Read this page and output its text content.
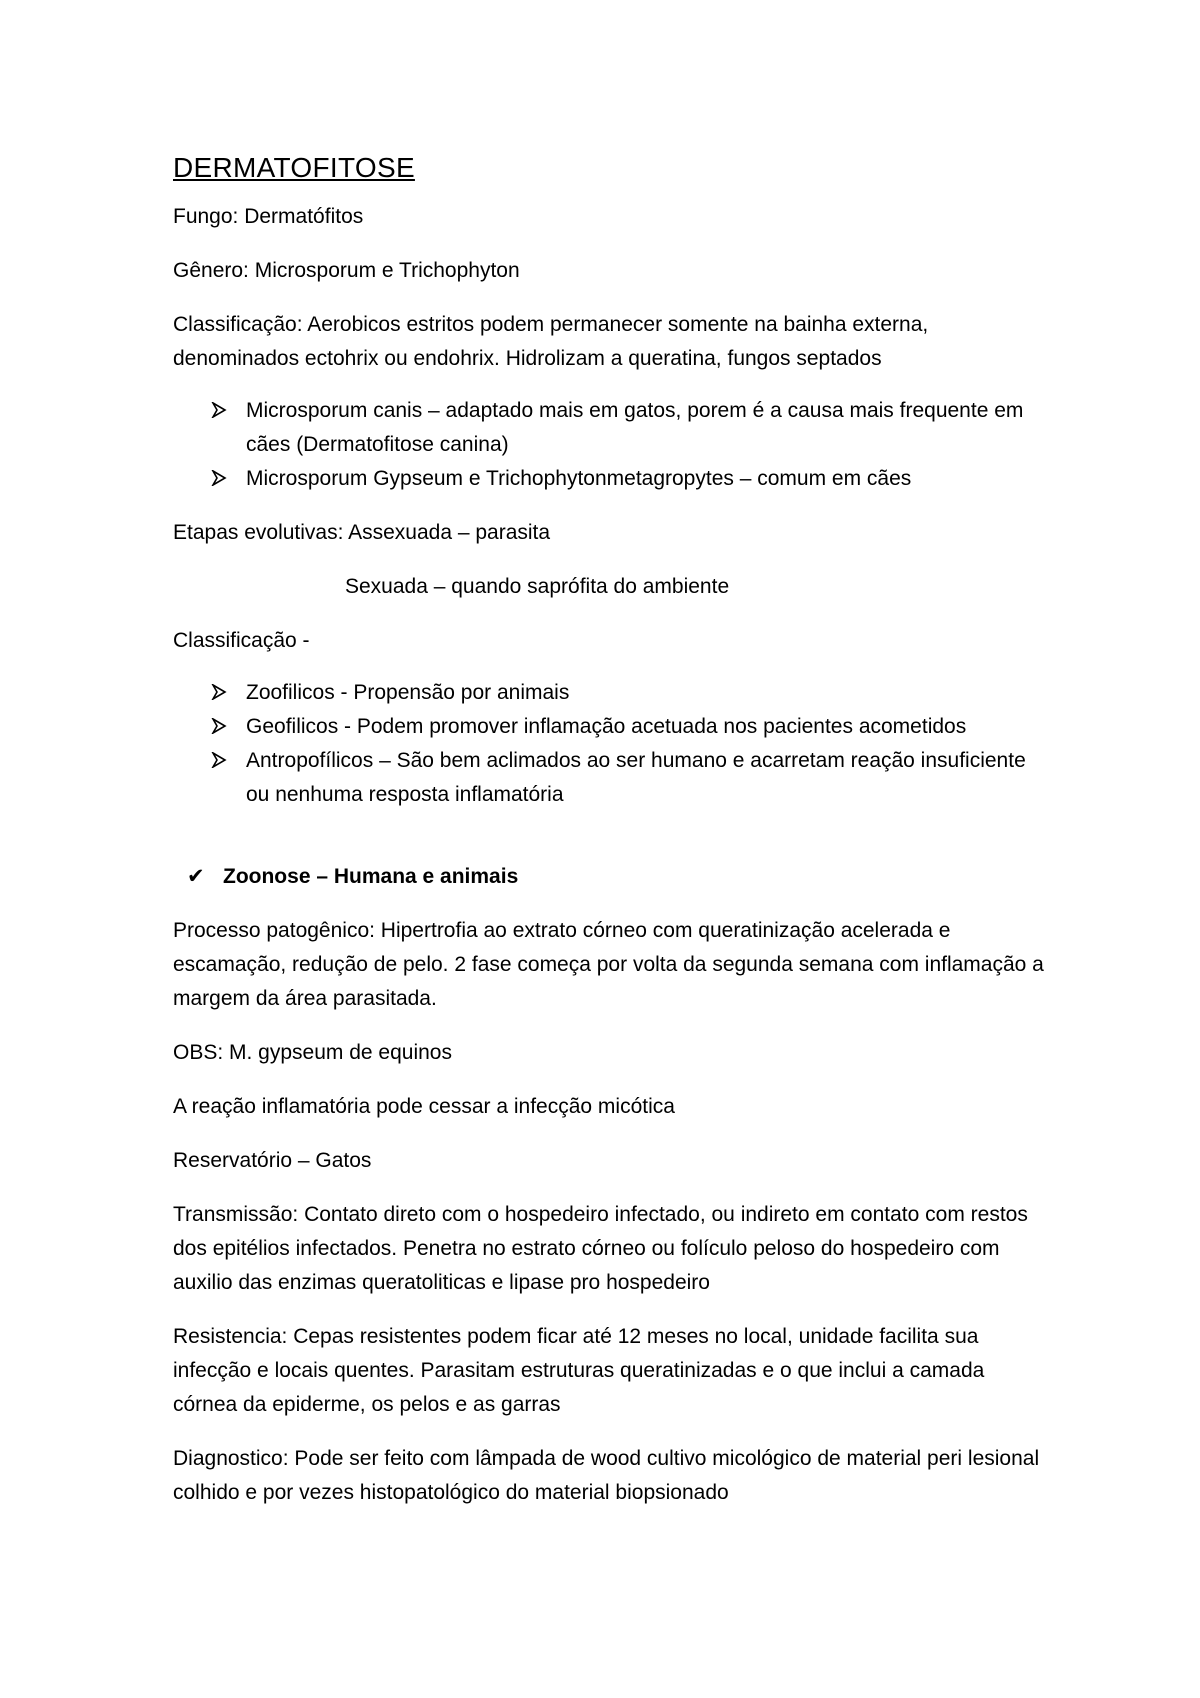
DERMATOFITOSE

Fungo: Dermatófitos

Gênero: Microsporum e Trichophyton

Classificação: Aerobicos estritos podem permanecer somente na bainha externa, denominados ectohrix ou endohrix. Hidrolizam a queratina, fungos septados

Microsporum canis – adaptado mais em gatos, porem é a causa mais frequente em cães (Dermatofitose canina)
Microsporum Gypseum e Trichophytonmetagropytes – comum em cães

Etapas evolutivas: Assexuada – parasita

Sexuada – quando saprófita do ambiente

Classificação -

Zoofilicos - Propensão por animais
Geofilicos - Podem promover inflamação acetuada nos pacientes acometidos
Antropofílicos – São bem aclimados ao ser humano e acarretam reação insuficiente ou nenhuma resposta inflamatória
✔ Zoonose – Humana e animais

Processo patogênico: Hipertrofia ao extrato córneo com queratinização acelerada e escamação, redução de pelo. 2 fase começa por volta da segunda semana com inflamação a margem da área parasitada.

OBS: M. gypseum de equinos

A reação inflamatória pode cessar a infecção micótica

Reservatório – Gatos

Transmissão: Contato direto com o hospedeiro infectado, ou indireto em contato com restos dos epitélios infectados. Penetra no estrato córneo ou folículo peloso do hospedeiro com auxilio das enzimas queratoliticas e lipase pro hospedeiro

Resistencia: Cepas resistentes podem ficar até 12 meses no local, unidade facilita sua infecção e locais quentes. Parasitam estruturas queratinizadas e o que inclui a camada córnea da epiderme, os pelos e as garras

Diagnostico: Pode ser feito com lâmpada de wood cultivo micológico de material peri lesional colhido e por vezes histopatológico do material biopsionado
